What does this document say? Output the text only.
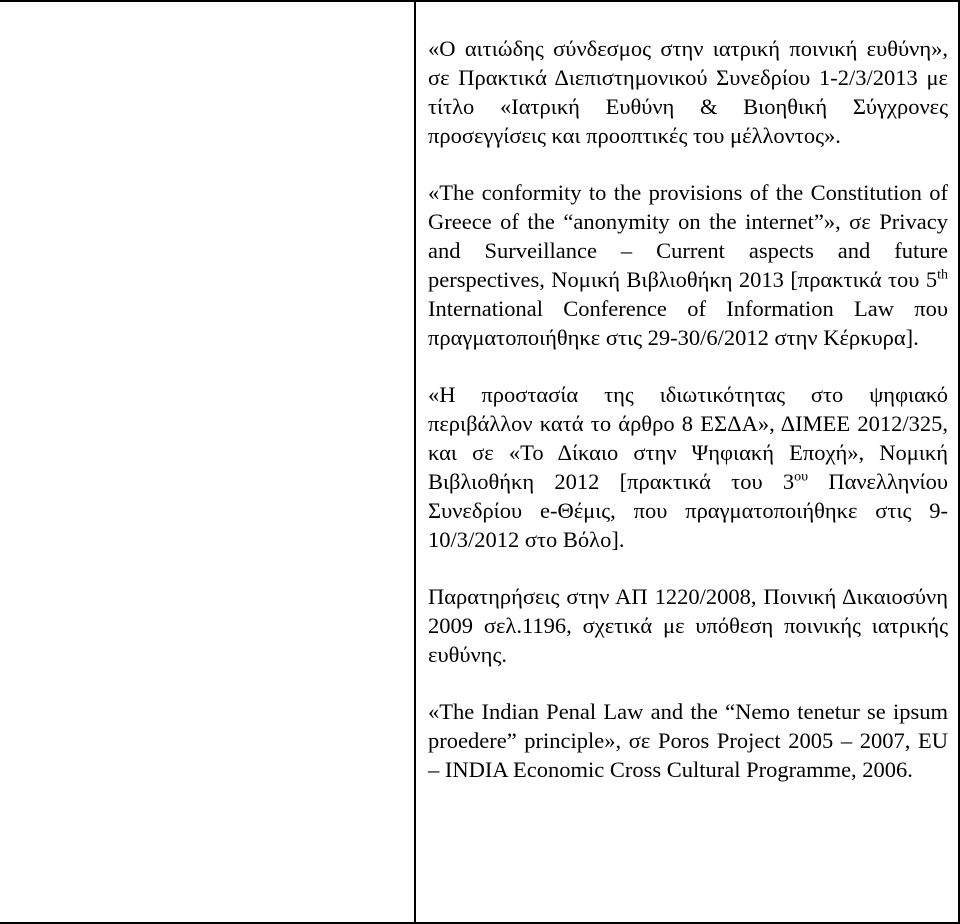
«Ο αιτιώδης σύνδεσμος στην ιατρική ποινική ευθύνη», σε Πρακτικά Διεπιστημονικού Συνεδρίου 1-2/3/2013 με τίτλο «Ιατρική Ευθύνη & Βιοηθική Σύγχρονες προσεγγίσεις και προοπτικές του μέλλοντος».

«The conformity to the provisions of the Constitution of Greece of the “anonymity on the internet”», σε Privacy and Surveillance – Current aspects and future perspectives, Νομική Βιβλιοθήκη 2013 [πρακτικά του 5th International Conference of Information Law που πραγματοποιήθηκε στις 29-30/6/2012 στην Κέρκυρα].

«Η προστασία της ιδιωτικότητας στο ψηφιακό περιβάλλον κατά το άρθρο 8 ΕΣΔΑ», ΔΙΜΕΕ 2012/325, και σε «Το Δίκαιο στην Ψηφιακή Εποχή», Νομική Βιβλιοθήκη 2012 [πρακτικά του $3^{o\upsilon}$ Πανελληνίου Συνεδρίου e-Θέμις, που πραγματοποιήθηκε στις 9-10/3/2012 στο Βόλο].

Παρατηρήσεις στην ΑΠ 1220/2008, Ποινική Δικαιοσύνη 2009 σελ.1196, σχετικά με υπόθεση ποινικής ιατρικής ευθύνης.

«The Indian Penal Law and the “Nemo tenetur se ipsum proedere” principle», σε Poros Project 2005 – 2007, EU – INDIA Economic Cross Cultural Programme, 2006.
